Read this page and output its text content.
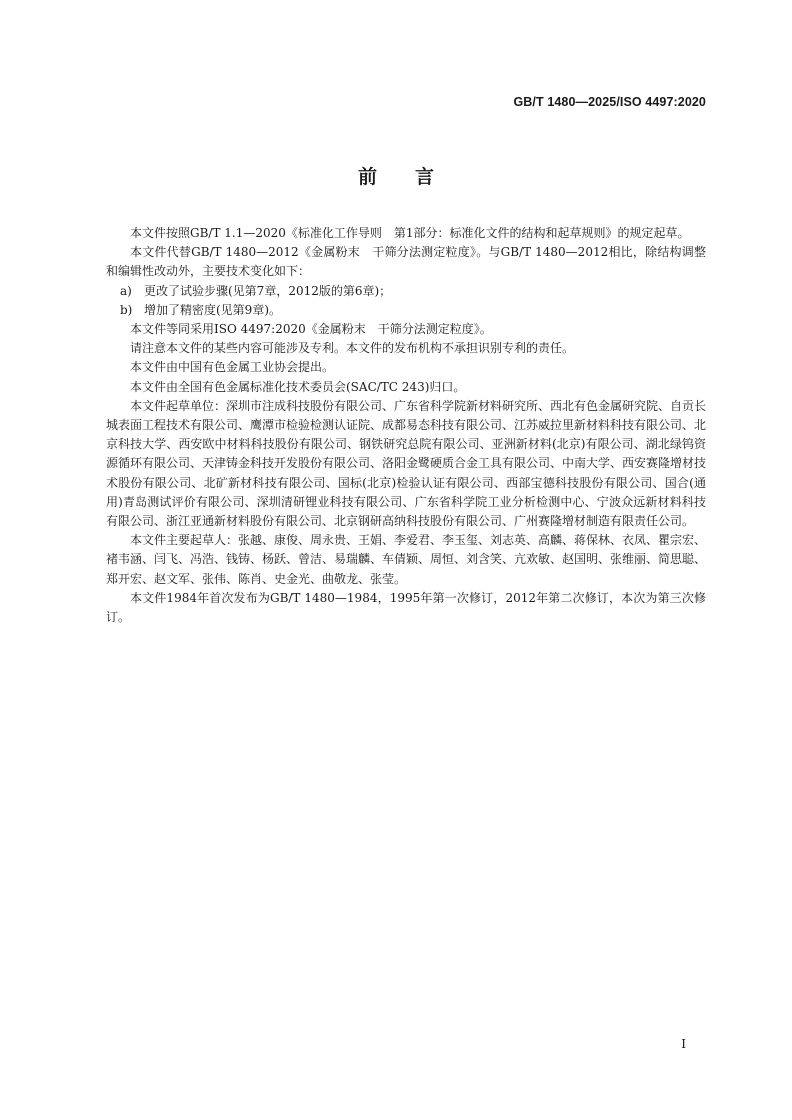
GB/T 1480—2025/ISO 4497:2020
前 言

本文件按照GB/T 1.1—2020《标准化工作导则　第1部分：标准化文件的结构和起草规则》的规定起草。

本文件代替GB/T 1480—2012《金属粉末　干筛分法测定粒度》。与GB/T 1480—2012相比，除结构调整和编辑性改动外，主要技术变化如下：

a) 更改了试验步骤(见第7章，2012版的第6章)；

b) 增加了精密度(见第9章)。

本文件等同采用ISO 4497:2020《金属粉末　干筛分法测定粒度》。

请注意本文件的某些内容可能涉及专利。本文件的发布机构不承担识别专利的责任。

本文件由中国有色金属工业协会提出。

本文件由全国有色金属标准化技术委员会(SAC/TC 243)归口。

本文件起草单位：深圳市注成科技股份有限公司、广东省科学院新材料研究所、西北有色金属研究院、自贡长城表面工程技术有限公司、鹰潭市检验检测认证院、成都易态科技有限公司、江苏威拉里新材料科技有限公司、北京科技大学、西安欧中材料科技股份有限公司、钢铁研究总院有限公司、亚洲新材料(北京)有限公司、湖北绿钨资源循环有限公司、天津铸金科技开发股份有限公司、洛阳金鹭硬质合金工具有限公司、中南大学、西安赛隆增材技术股份有限公司、北矿新材科技有限公司、国标(北京)检验认证有限公司、西部宝德科技股份有限公司、国合(通用)青岛测试评价有限公司、深圳清研锂业科技有限公司、广东省科学院工业分析检测中心、宁波众远新材料科技有限公司、浙江亚通新材料股份有限公司、北京钢研高纳科技股份有限公司、广州赛隆增材制造有限责任公司。

本文件主要起草人：张越、康俊、周永贵、王娟、李爱君、李玉玺、刘志英、高麟、蒋保林、衣凤、瞿宗宏、褚韦涵、闫飞、冯浩、钱铸、杨跃、曾洁、易瑞麟、车倩颖、周恒、刘含笑、亢欢敏、赵国明、张维丽、简思聪、郑开宏、赵文军、张伟、陈肖、史金光、曲敬龙、张莹。

本文件1984年首次发布为GB/T 1480—1984，1995年第一次修订，2012年第二次修订，本次为第三次修订。

I
